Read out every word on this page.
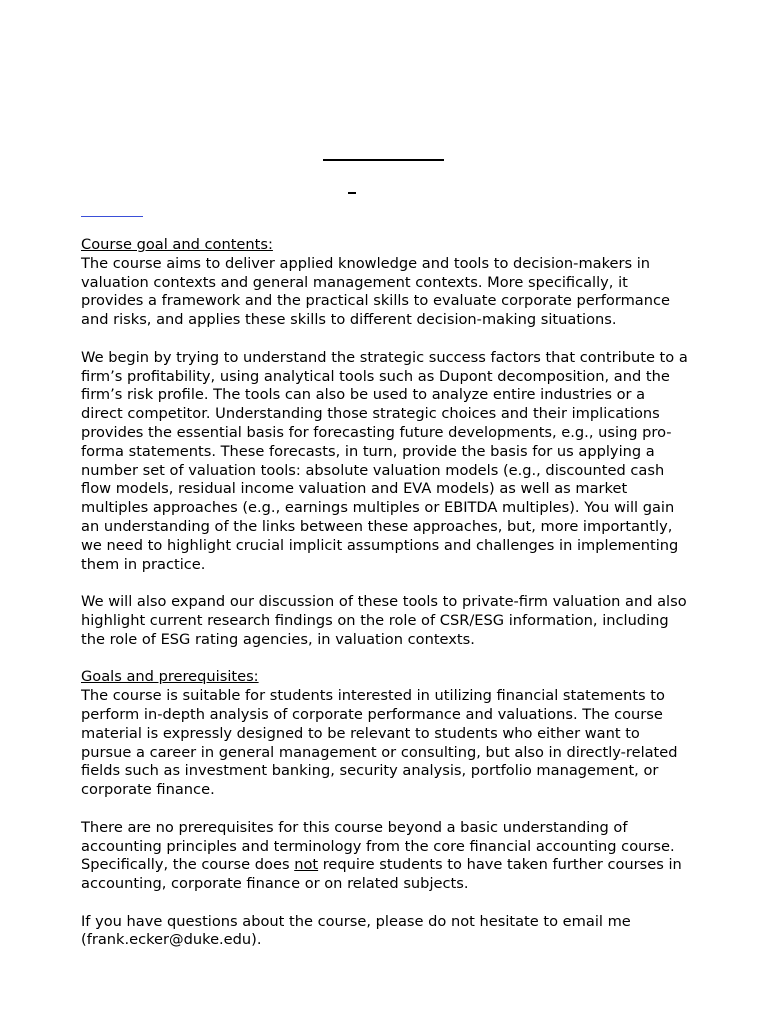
Course goal and contents:

The course aims to deliver applied knowledge and tools to decision-makers in valuation contexts and general management contexts. More specifically, it provides a framework and the practical skills to evaluate corporate performance and risks, and applies these skills to different decision-making situations.

We begin by trying to understand the strategic success factors that contribute to a firm’s profitability, using analytical tools such as Dupont decomposition, and the firm’s risk profile. The tools can also be used to analyze entire industries or a direct competitor. Understanding those strategic choices and their implications provides the essential basis for forecasting future developments, e.g., using pro-forma statements. These forecasts, in turn, provide the basis for us applying a number set of valuation tools: absolute valuation models (e.g., discounted cash flow models, residual income valuation and EVA models) as well as market multiples approaches (e.g., earnings multiples or EBITDA multiples). You will gain an understanding of the links between these approaches, but, more importantly, we need to highlight crucial implicit assumptions and challenges in implementing them in practice.

We will also expand our discussion of these tools to private-firm valuation and also highlight current research findings on the role of CSR/ESG information, including the role of ESG rating agencies, in valuation contexts.

Goals and prerequisites:

The course is suitable for students interested in utilizing financial statements to perform in-depth analysis of corporate performance and valuations. The course material is expressly designed to be relevant to students who either want to pursue a career in general management or consulting, but also in directly-related fields such as investment banking, security analysis, portfolio management, or corporate finance.

There are no prerequisites for this course beyond a basic understanding of accounting principles and terminology from the core financial accounting course. Specifically, the course does not require students to have taken further courses in accounting, corporate finance or on related subjects.

If you have questions about the course, please do not hesitate to email me (frank.ecker@duke.edu).
